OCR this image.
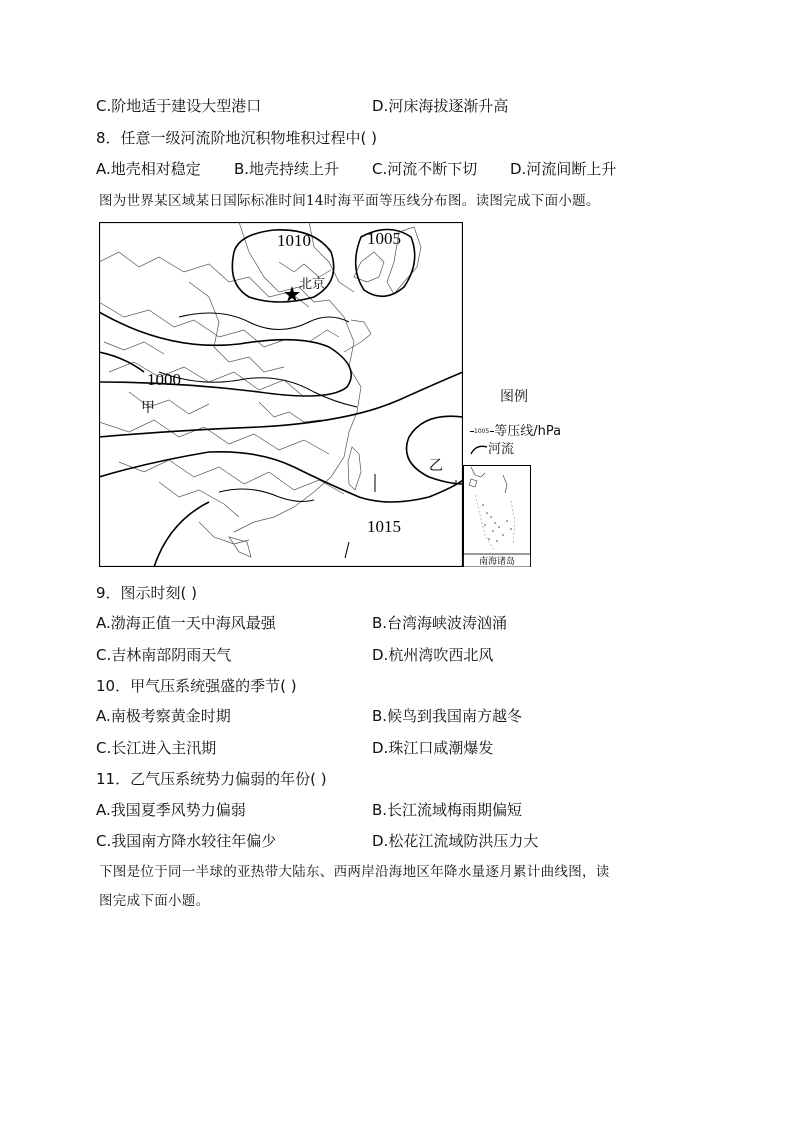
C.阶地适于建设大型港口	D.河床海拔逐渐升高
8．任意一级河流阶地沉积物堆积过程中( )
A.地壳相对稳定 B.地壳持续上升 C.河流不断下切 D.河流间断上升
图为世界某区域某日国际标准时间14时海平面等压线分布图。读图完成下面小题。
1010	1005
1000
1015
北京
甲
乙
图例
1005 等压线/hPa
河流
南海诸岛
9．图示时刻( )
A.渤海正值一天中海风最强	B.台湾海峡波涛汹涌
C.吉林南部阴雨天气	D.杭州湾吹西北风
10．甲气压系统强盛的季节( )
A.南极考察黄金时期	B.候鸟到我国南方越冬
C.长江进入主汛期	D.珠江口咸潮爆发
11．乙气压系统势力偏弱的年份( )
A.我国夏季风势力偏弱	B.长江流域梅雨期偏短
C.我国南方降水较往年偏少	D.松花江流域防洪压力大
下图是位于同一半球的亚热带大陆东、西两岸沿海地区年降水量逐月累计曲线图，读
图完成下面小题。
